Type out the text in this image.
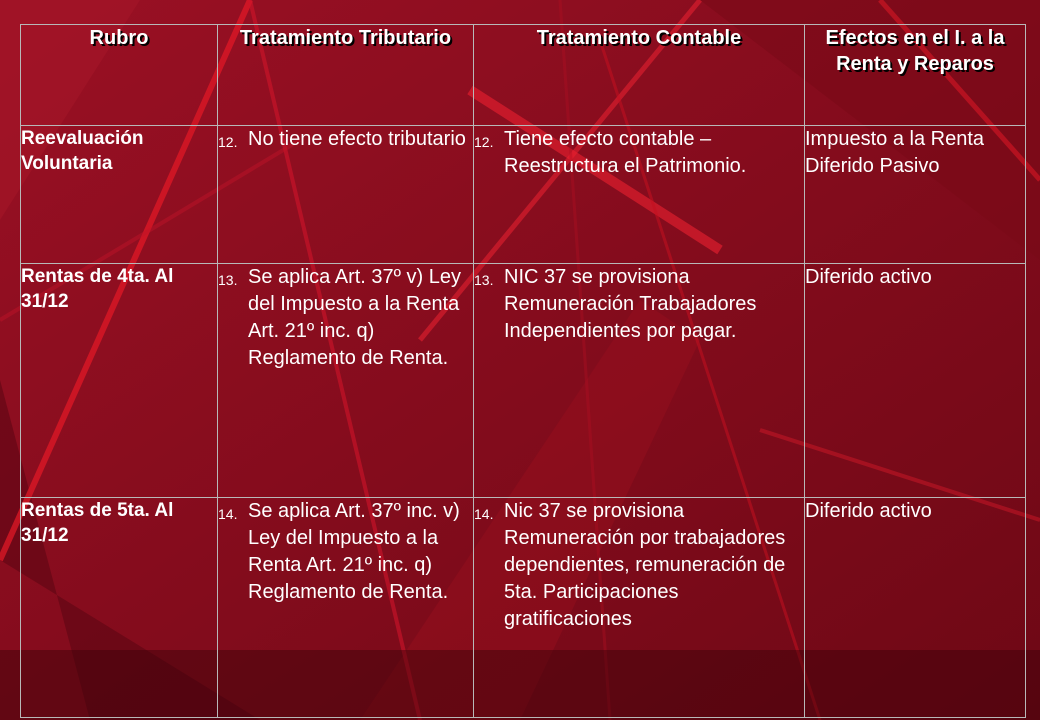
Rubro	Tratamiento Tributario	Tratamiento Contable	Efectos en el I. a la Renta y Reparos
Reevaluación Voluntaria	12. No tiene efecto tributario	12. Tiene efecto contable – Reestructura el Patrimonio.	Impuesto a la Renta Diferido Pasivo
Rentas de 4ta. Al 31/12	13. Se aplica Art. 37º v) Ley del Impuesto a la Renta Art. 21º inc. q) Reglamento de Renta.	13. NIC 37 se provisiona Remuneración Trabajadores Independientes por pagar.	Diferido activo
Rentas de 5ta. Al 31/12	14. Se aplica Art. 37º inc. v) Ley del Impuesto a la Renta Art. 21º inc. q) Reglamento de Renta.	14. Nic 37 se provisiona Remuneración por trabajadores dependientes, remuneración de 5ta. Participaciones gratificaciones	Diferido activo
